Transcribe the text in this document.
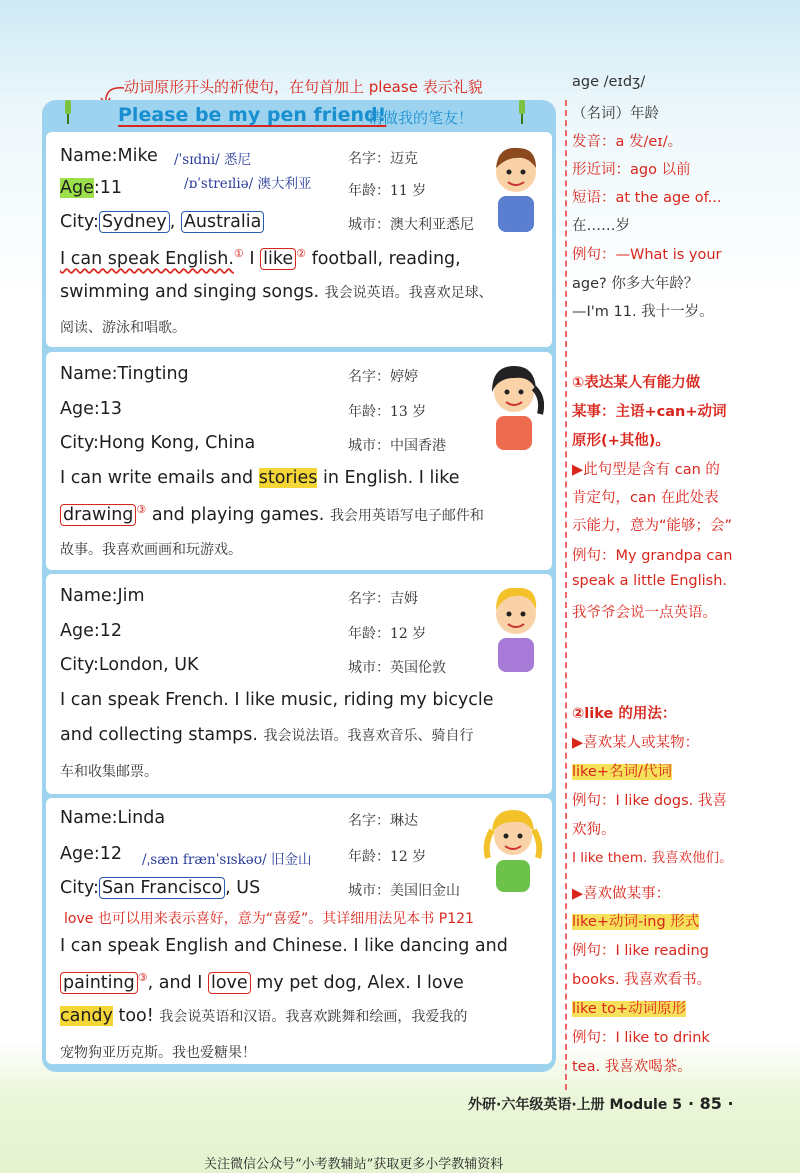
动词原形开头的祈使句，在句首加上 please 表示礼貌
Please be my pen friend!
请做我的笔友！
Name:Mike	名字：迈克
/ˈsɪdni/ 悉尼
/ɒˈstreɪliə/ 澳大利亚
Age:11	年龄：11 岁
City: Sydney , Australia	城市：澳大利亚悉尼
I can speak English.① I like ② football, reading,
swimming and singing songs. 我会说英语。我喜欢足球、
阅读、游泳和唱歌。
Name:Tingting	名字：婷婷
Age:13	年龄：13 岁
City:Hong Kong, China	城市：中国香港
I can write emails and stories in English. I like
drawing ③ and playing games. 我会用英语写电子邮件和
故事。我喜欢画画和玩游戏。
Name:Jim	名字：吉姆
Age:12	年龄：12 岁
City:London, UK	城市：英国伦敦
I can speak French. I like music, riding my bicycle
and collecting stamps. 我会说法语。我喜欢音乐、骑自行
车和收集邮票。
Name:Linda	名字：琳达
Age:12 /ˌsæn frænˈsɪskəʊ/ 旧金山	年龄：12 岁
City: San Francisco , US	城市：美国旧金山
love 也可以用来表示喜好，意为“喜爱”。其详细用法见本书 P121
I can speak English and Chinese. I like dancing and
painting ③, and I love my pet dog, Alex. I love
candy too! 我会说英语和汉语。我喜欢跳舞和绘画，我爱我的
宠物狗亚历克斯。我也爱糖果！
age /eɪdʒ/
（名词）年龄
发音：a 发/eɪ/。
形近词：ago 以前
短语：at the age of...
在……岁
例句：—What is your
age? 你多大年龄？
—I'm 11. 我十一岁。
①表达某人有能力做
某事：主语+can+动词
原形(+其他)。
▶此句型是含有 can 的
肯定句，can 在此处表
示能力，意为“能够；会”
例句：My grandpa can
speak a little English.
我爷爷会说一点英语。
②like 的用法：
▶喜欢某人或某物：
like+名词/代词
例句：I like dogs. 我喜
欢狗。
I like them. 我喜欢他们。
▶喜欢做某事：
like+动词-ing 形式
例句：I like reading
books. 我喜欢看书。
like to+动词原形
例句：I like to drink
tea. 我喜欢喝茶。
外研·六年级英语·上册 Module 5 · 85 ·
关注微信公众号“小考教辅站”获取更多小学教辅资料
